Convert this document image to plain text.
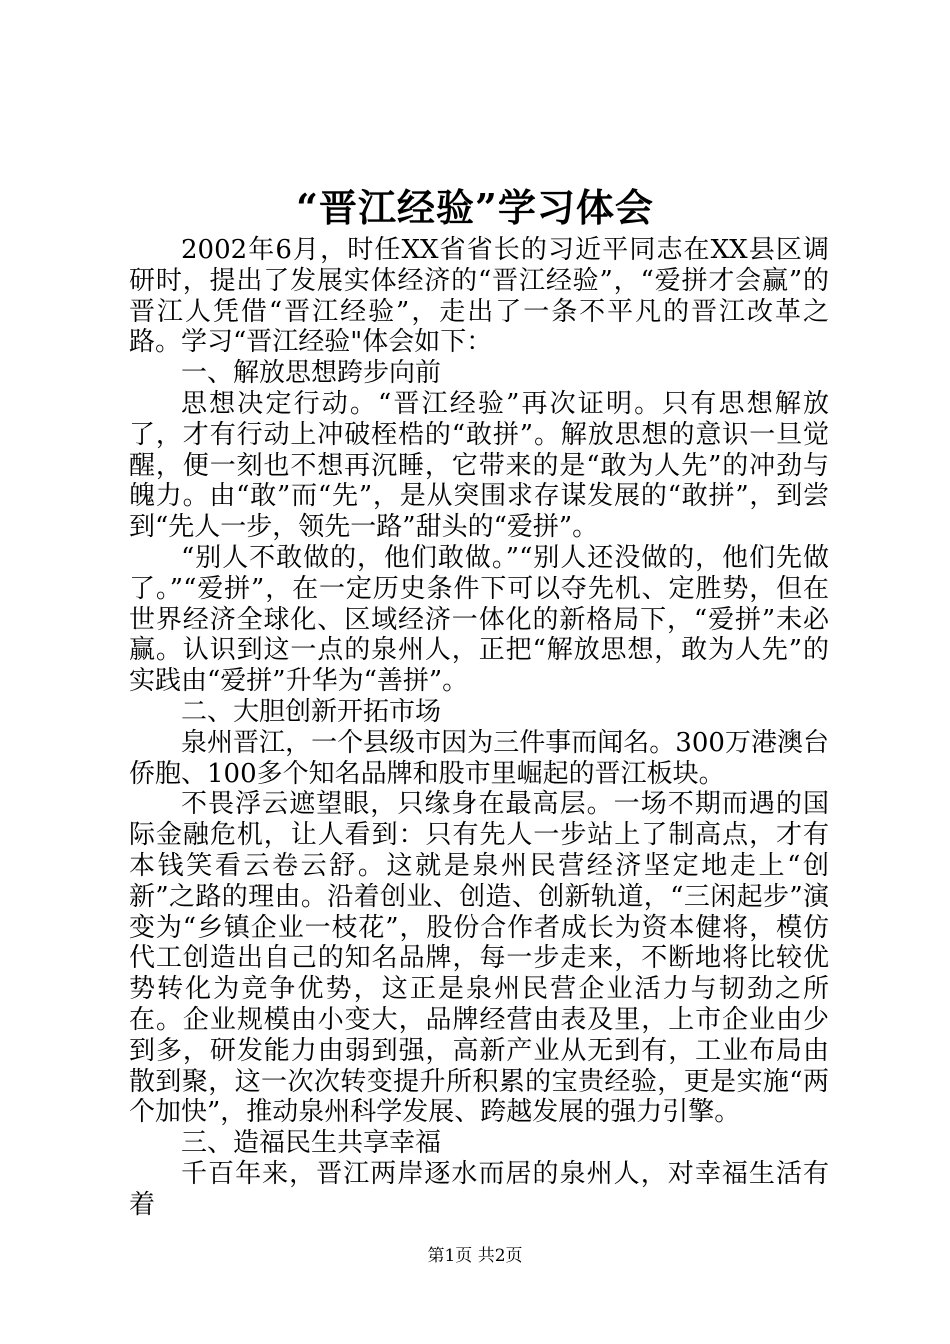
“晋江经验”学习体会

2002年6月，时任XX省省长的习近平同志在XX县区调研时，提出了发展实体经济的“晋江经验”，“爱拼才会赢”的晋江人凭借“晋江经验”，走出了一条不平凡的晋江改革之路。学习“晋江经验"体会如下：

一、解放思想跨步向前

思想决定行动。“晋江经验”再次证明。只有思想解放了，才有行动上冲破桎梏的“敢拼”。解放思想的意识一旦觉醒，便一刻也不想再沉睡，它带来的是“敢为人先”的冲劲与魄力。由“敢”而“先”，是从突围求存谋发展的“敢拼”，到尝到“先人一步，领先一路”甜头的“爱拼”。

“别人不敢做的，他们敢做。”“别人还没做的，他们先做了。”“爱拼”，在一定历史条件下可以夺先机、定胜势，但在世界经济全球化、区域经济一体化的新格局下，“爱拼”未必赢。认识到这一点的泉州人，正把“解放思想，敢为人先”的实践由“爱拼”升华为“善拼”。

二、大胆创新开拓市场

泉州晋江，一个县级市因为三件事而闻名。300万港澳台侨胞、100多个知名品牌和股市里崛起的晋江板块。

不畏浮云遮望眼，只缘身在最高层。一场不期而遇的国际金融危机，让人看到：只有先人一步站上了制高点，才有本钱笑看云卷云舒。这就是泉州民营经济坚定地走上“创新”之路的理由。沿着创业、创造、创新轨道，“三闲起步”演变为“乡镇企业一枝花”，股份合作者成长为资本健将，模仿代工创造出自己的知名品牌，每一步走来，不断地将比较优势转化为竞争优势，这正是泉州民营企业活力与韧劲之所在。企业规模由小变大，品牌经营由表及里，上市企业由少到多，研发能力由弱到强，高新产业从无到有，工业布局由散到聚，这一次次转变提升所积累的宝贵经验，更是实施“两个加快”，推动泉州科学发展、跨越发展的强力引擎。

三、造福民生共享幸福

千百年来，晋江两岸逐水而居的泉州人，对幸福生活有着

第1页 共2页
